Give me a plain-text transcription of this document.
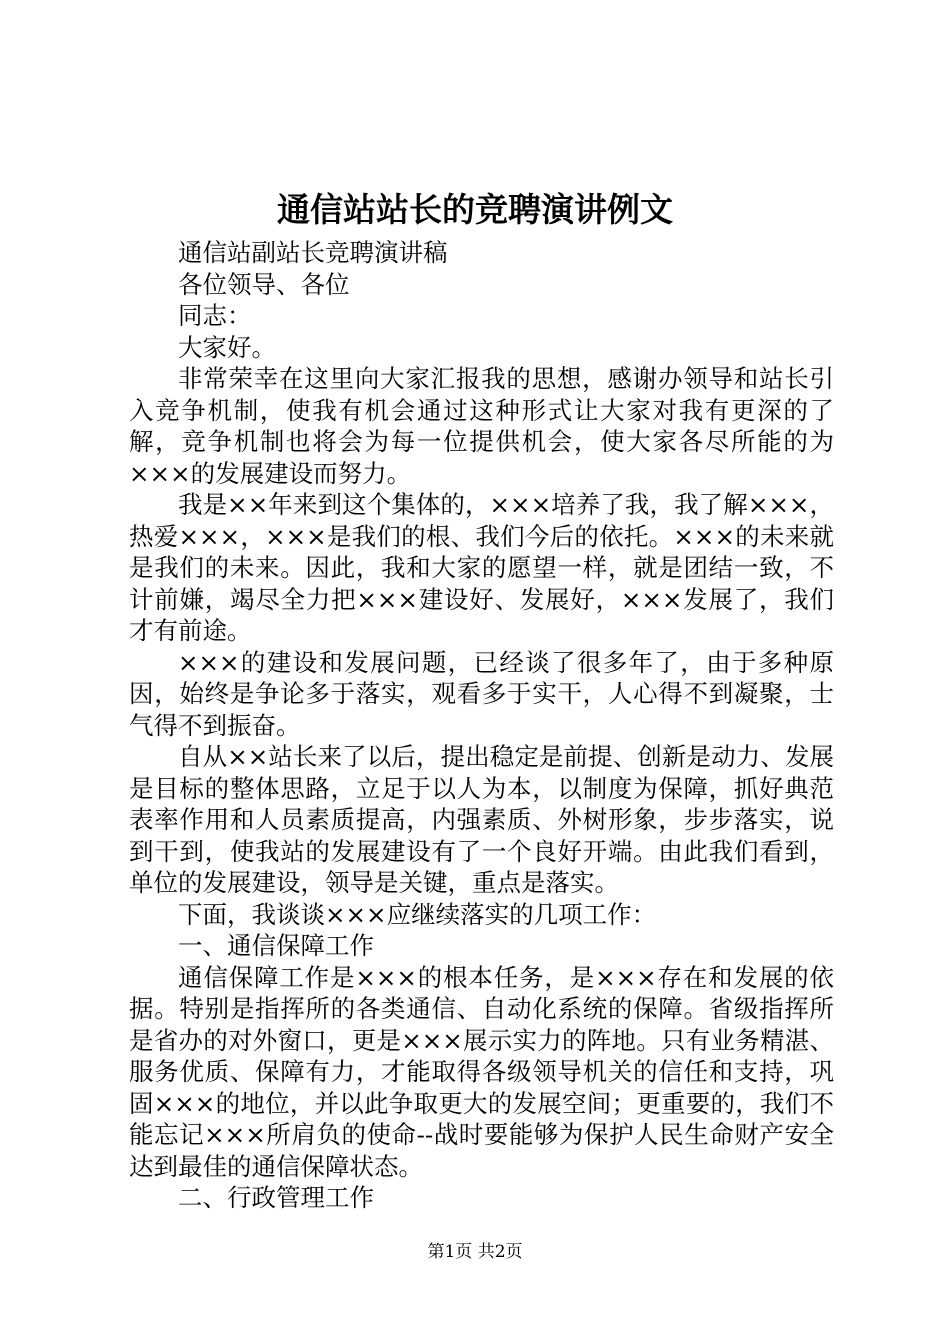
通信站站长的竞聘演讲例文

通信站副站长竞聘演讲稿

各位领导、各位

同志：

大家好。

非常荣幸在这里向大家汇报我的思想，感谢办领导和站长引入竞争机制，使我有机会通过这种形式让大家对我有更深的了解，竞争机制也将会为每一位提供机会，使大家各尽所能的为×××的发展建设而努力。

我是××年来到这个集体的，×××培养了我，我了解×××，热爱×××，×××是我们的根、我们今后的依托。×××的未来就是我们的未来。因此，我和大家的愿望一样，就是团结一致，不计前嫌，竭尽全力把×××建设好、发展好，×××发展了，我们才有前途。

×××的建设和发展问题，已经谈了很多年了，由于多种原因，始终是争论多于落实，观看多于实干，人心得不到凝聚，士气得不到振奋。

自从××站长来了以后，提出稳定是前提、创新是动力、发展是目标的整体思路，立足于以人为本，以制度为保障，抓好典范表率作用和人员素质提高，内强素质、外树形象，步步落实，说到干到，使我站的发展建设有了一个良好开端。由此我们看到，单位的发展建设，领导是关键，重点是落实。

下面，我谈谈×××应继续落实的几项工作：

一、通信保障工作

通信保障工作是×××的根本任务，是×××存在和发展的依据。特别是指挥所的各类通信、自动化系统的保障。省级指挥所是省办的对外窗口，更是×××展示实力的阵地。只有业务精湛、服务优质、保障有力，才能取得各级领导机关的信任和支持，巩固×××的地位，并以此争取更大的发展空间；更重要的，我们不能忘记×××所肩负的使命--战时要能够为保护人民生命财产安全达到最佳的通信保障状态。

二、行政管理工作

第1页 共2页
